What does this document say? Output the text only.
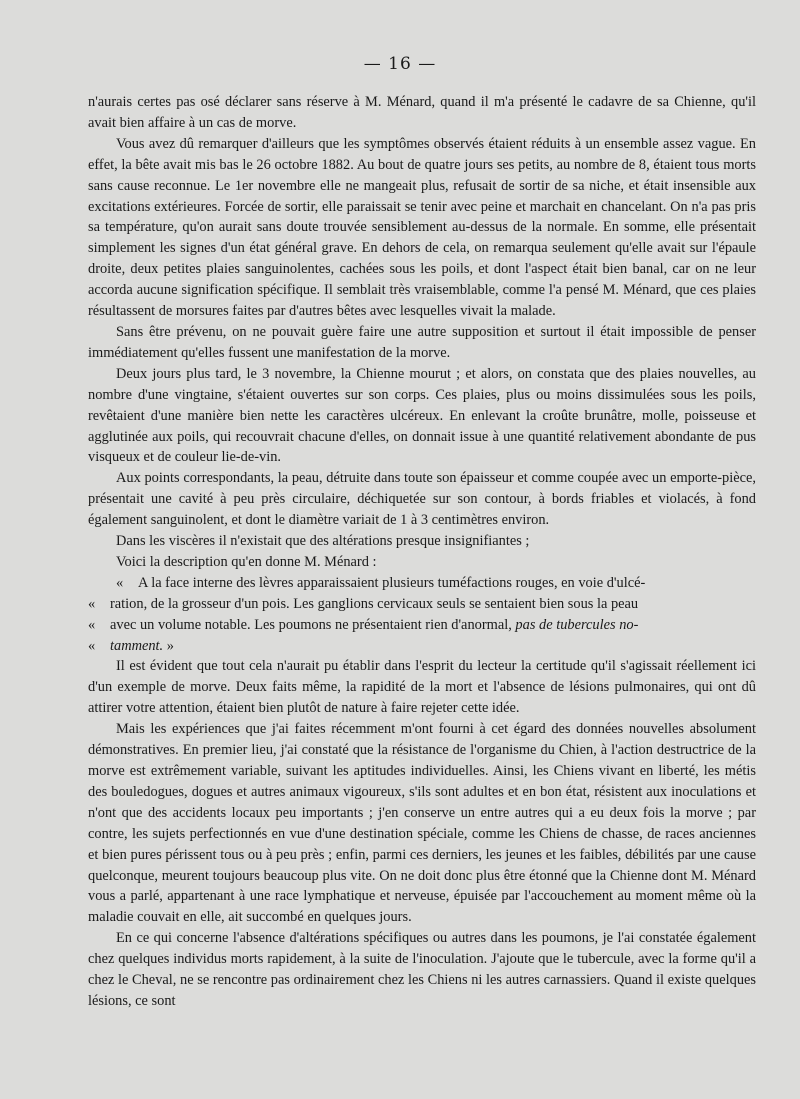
— 16 —

n'aurais certes pas osé déclarer sans réserve à M. Ménard, quand il m'a présenté le cadavre de sa Chienne, qu'il avait bien affaire à un cas de morve.

Vous avez dû remarquer d'ailleurs que les symptômes observés étaient réduits à un ensemble assez vague. En effet, la bête avait mis bas le 26 octobre 1882. Au bout de quatre jours ses petits, au nombre de 8, étaient tous morts sans cause reconnue. Le 1er novembre elle ne mangeait plus, refusait de sortir de sa niche, et était insensible aux excitations extérieures. Forcée de sortir, elle paraissait se tenir avec peine et marchait en chancelant. On n'a pas pris sa température, qu'on aurait sans doute trouvée sensiblement au-dessus de la normale. En somme, elle présentait simplement les signes d'un état général grave. En dehors de cela, on remarqua seulement qu'elle avait sur l'épaule droite, deux petites plaies sanguinolentes, cachées sous les poils, et dont l'aspect était bien banal, car on ne leur accorda aucune signification spécifique. Il semblait très vraisemblable, comme l'a pensé M. Ménard, que ces plaies résultassent de morsures faites par d'autres bêtes avec lesquelles vivait la malade.

Sans être prévenu, on ne pouvait guère faire une autre supposition et surtout il était impossible de penser immédiatement qu'elles fussent une manifestation de la morve.

Deux jours plus tard, le 3 novembre, la Chienne mourut ; et alors, on constata que des plaies nouvelles, au nombre d'une vingtaine, s'étaient ouvertes sur son corps. Ces plaies, plus ou moins dissimulées sous les poils, revêtaient d'une manière bien nette les caractères ulcéreux. En enlevant la croûte brunâtre, molle, poisseuse et agglutinée aux poils, qui recouvrait chacune d'elles, on donnait issue à une quantité relativement abondante de pus visqueux et de couleur lie-de-vin.

Aux points correspondants, la peau, détruite dans toute son épaisseur et comme coupée avec un emporte-pièce, présentait une cavité à peu près circulaire, déchiquetée sur son contour, à bords friables et violacés, à fond également sanguinolent, et dont le diamètre variait de 1 à 3 centimètres environ.

Dans les viscères il n'existait que des altérations presque insignifiantes ;

Voici la description qu'en donne M. Ménard :

« A la face interne des lèvres apparaissaient plusieurs tuméfactions rouges, en voie d'ulcé-
« ration, de la grosseur d'un pois. Les ganglions cervicaux seuls se sentaient bien sous la peau
« avec un volume notable. Les poumons ne présentaient rien d'anormal, pas de tubercules no-
« tamment. »

Il est évident que tout cela n'aurait pu établir dans l'esprit du lecteur la certitude qu'il s'agissait réellement ici d'un exemple de morve. Deux faits même, la rapidité de la mort et l'absence de lésions pulmonaires, qui ont dû attirer votre attention, étaient bien plutôt de nature à faire rejeter cette idée.

Mais les expériences que j'ai faites récemment m'ont fourni à cet égard des données nouvelles absolument démonstratives. En premier lieu, j'ai constaté que la résistance de l'organisme du Chien, à l'action destructrice de la morve est extrêmement variable, suivant les aptitudes individuelles. Ainsi, les Chiens vivant en liberté, les métis des bouledogues, dogues et autres animaux vigoureux, s'ils sont adultes et en bon état, résistent aux inoculations et n'ont que des accidents locaux peu importants ; j'en conserve un entre autres qui a eu deux fois la morve ; par contre, les sujets perfectionnés en vue d'une destination spéciale, comme les Chiens de chasse, de races anciennes et bien pures périssent tous ou à peu près ; enfin, parmi ces derniers, les jeunes et les faibles, débilités par une cause quelconque, meurent toujours beaucoup plus vite. On ne doit donc plus être étonné que la Chienne dont M. Ménard vous a parlé, appartenant à une race lymphatique et nerveuse, épuisée par l'accouchement au moment même où la maladie couvait en elle, ait succombé en quelques jours.

En ce qui concerne l'absence d'altérations spécifiques ou autres dans les poumons, je l'ai constatée également chez quelques individus morts rapidement, à la suite de l'inoculation. J'ajoute que le tubercule, avec la forme qu'il a chez le Cheval, ne se rencontre pas ordinairement chez les Chiens ni les autres carnassiers. Quand il existe quelques lésions, ce sont
